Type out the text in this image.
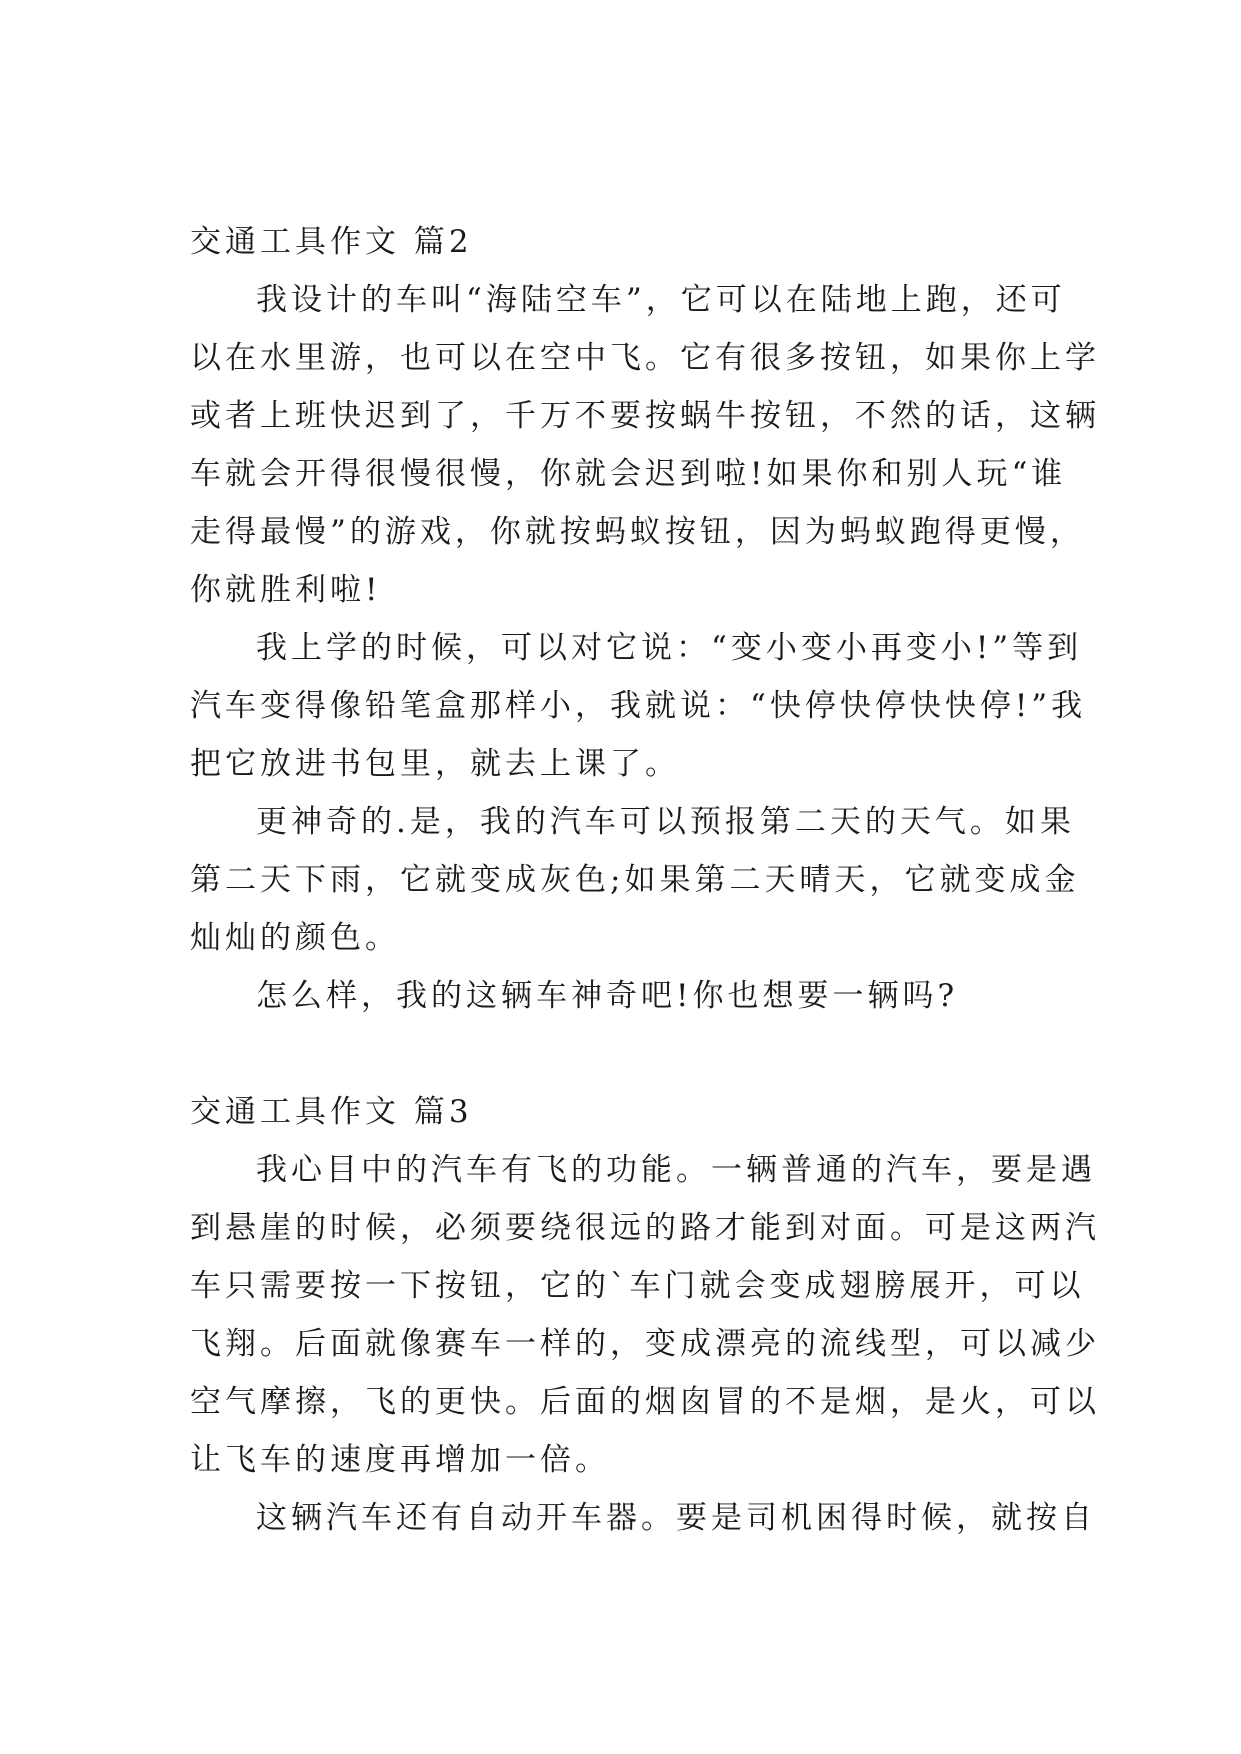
交通工具作文 篇2
我设计的车叫“海陆空车”，它可以在陆地上跑，还可
以在水里游，也可以在空中飞。它有很多按钮，如果你上学
或者上班快迟到了，千万不要按蜗牛按钮，不然的话，这辆
车就会开得很慢很慢，你就会迟到啦!如果你和别人玩“谁
走得最慢”的游戏，你就按蚂蚁按钮，因为蚂蚁跑得更慢，
你就胜利啦!
我上学的时候，可以对它说：“变小变小再变小!”等到
汽车变得像铅笔盒那样小，我就说：“快停快停快快停!”我
把它放进书包里，就去上课了。
更神奇的.是，我的汽车可以预报第二天的天气。如果
第二天下雨，它就变成灰色;如果第二天晴天，它就变成金
灿灿的颜色。
怎么样，我的这辆车神奇吧!你也想要一辆吗?
交通工具作文 篇3
我心目中的汽车有飞的功能。一辆普通的汽车，要是遇
到悬崖的时候，必须要绕很远的路才能到对面。可是这两汽
车只需要按一下按钮，它的`车门就会变成翅膀展开，可以
飞翔。后面就像赛车一样的，变成漂亮的流线型，可以减少
空气摩擦，飞的更快。后面的烟囱冒的不是烟，是火，可以
让飞车的速度再增加一倍。
这辆汽车还有自动开车器。要是司机困得时候，就按自
